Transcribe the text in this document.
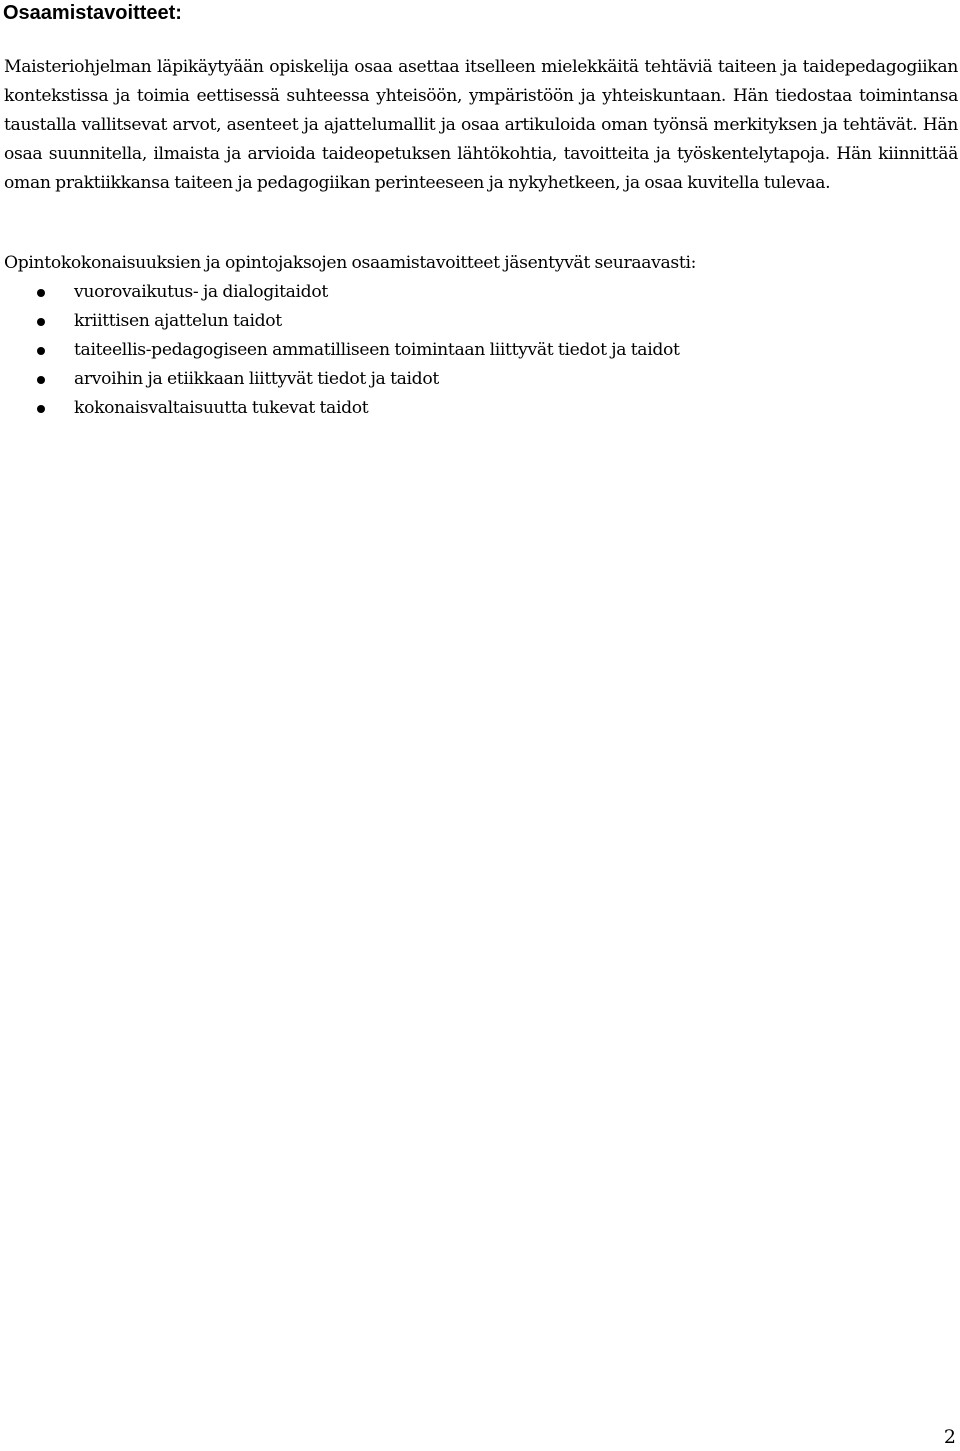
Osaamistavoitteet:

Maisteriohjelman läpikäytyään opiskelija osaa asettaa itselleen mielekkäitä tehtäviä taiteen ja taidepedagogiikan kontekstissa ja toimia eettisessä suhteessa yhteisöön, ympäristöön ja yhteiskuntaan. Hän tiedostaa toimintansa taustalla vallitsevat arvot, asenteet ja ajattelumallit ja osaa artikuloida oman työnsä merkityksen ja tehtävät. Hän osaa suunnitella, ilmaista ja arvioida taideopetuksen lähtökohtia, tavoitteita ja työskentelytapoja. Hän kiinnittää oman praktiikkansa taiteen ja pedagogiikan perinteeseen ja nykyhetkeen, ja osaa kuvitella tulevaa.

Opintokokonaisuuksien ja opintojaksojen osaamistavoitteet jäsentyvät seuraavasti:

vuorovaikutus- ja dialogitaidot
kriittisen ajattelun taidot
taiteellis-pedagogiseen ammatilliseen toimintaan liittyvät tiedot ja taidot
arvoihin ja etiikkaan liittyvät tiedot ja taidot
kokonaisvaltaisuutta tukevat taidot

2
